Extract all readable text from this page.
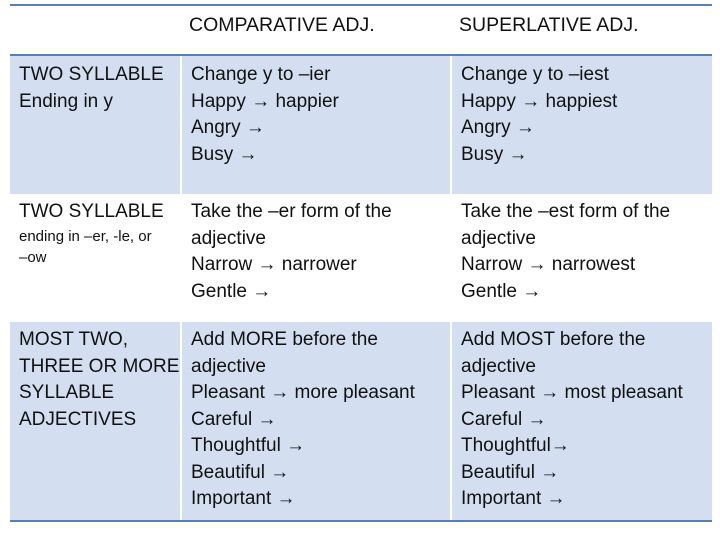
COMPARATIVE ADJ.	SUPERLATIVE ADJ.
TWO SYLLABLE
Ending in y
Change y to –ier
Happy → happier
Angry →
Busy →
Change y to –iest
Happy → happiest
Angry →
Busy →
TWO SYLLABLE
ending in –er, -le, or
–ow
Take the –er form of the
adjective
Narrow → narrower
Gentle →
Take the –est form of the
adjective
Narrow → narrowest
Gentle →
MOST TWO,
THREE OR MORE
SYLLABLE
ADJECTIVES
Add MORE before the
adjective
Pleasant → more pleasant
Careful →
Thoughtful →
Beautiful →
Important →
Add MOST before the
adjective
Pleasant → most pleasant
Careful →
Thoughtful→
Beautiful →
Important →
